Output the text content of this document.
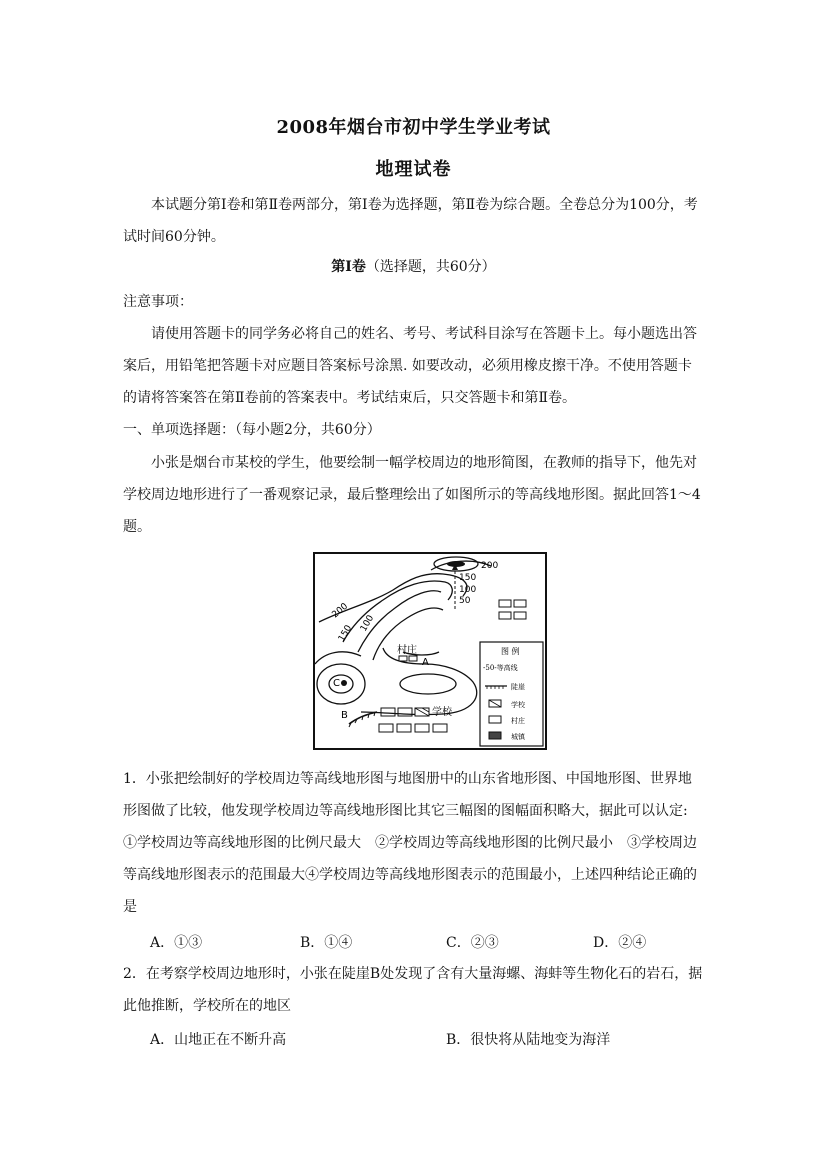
2008年烟台市初中学生学业考试
地理试卷
本试题分第Ⅰ卷和第Ⅱ卷两部分，第Ⅰ卷为选择题，第Ⅱ卷为综合题。全卷总分为100分，考试时间60分钟。
第Ⅰ卷（选择题，共60分）
注意事项：
请使用答题卡的同学务必将自己的姓名、考号、考试科目涂写在答题卡上。每小题选出答案后，用铅笔把答题卡对应题目答案标号涂黑. 如要改动，必须用橡皮擦干净。不使用答题卡的请将答案答在第Ⅱ卷前的答案表中。考试结束后，只交答题卡和第Ⅱ卷。
一、单项选择题：（每小题2分，共60分）
小张是烟台市某校的学生，他要绘制一幅学校周边的地形简图，在教师的指导下，他先对学校周边地形进行了一番观察记录，最后整理绘出了如图所示的等高线地形图。据此回答1～4题。
200
150
100
50
200
150
100
村庄
A
B
C
学校
图 例
-50-等高线
陡崖
学校
村庄
城镇
1．小张把绘制好的学校周边等高线地形图与地图册中的山东省地形图、中国地形图、世界地形图做了比较，他发现学校周边等高线地形图比其它三幅图的图幅面积略大，据此可以认定: ①学校周边等高线地形图的比例尺最大　②学校周边等高线地形图的比例尺最小　③学校周边等高线地形图表示的范围最大④学校周边等高线地形图表示的范围最小，上述四种结论正确的是
A．①③	B．①④	C．②③	D．②④
2．在考察学校周边地形时，小张在陡崖B处发现了含有大量海螺、海蚌等生物化石的岩石，据此他推断，学校所在的地区
A．山地正在不断升高	B．很快将从陆地变为海洋
